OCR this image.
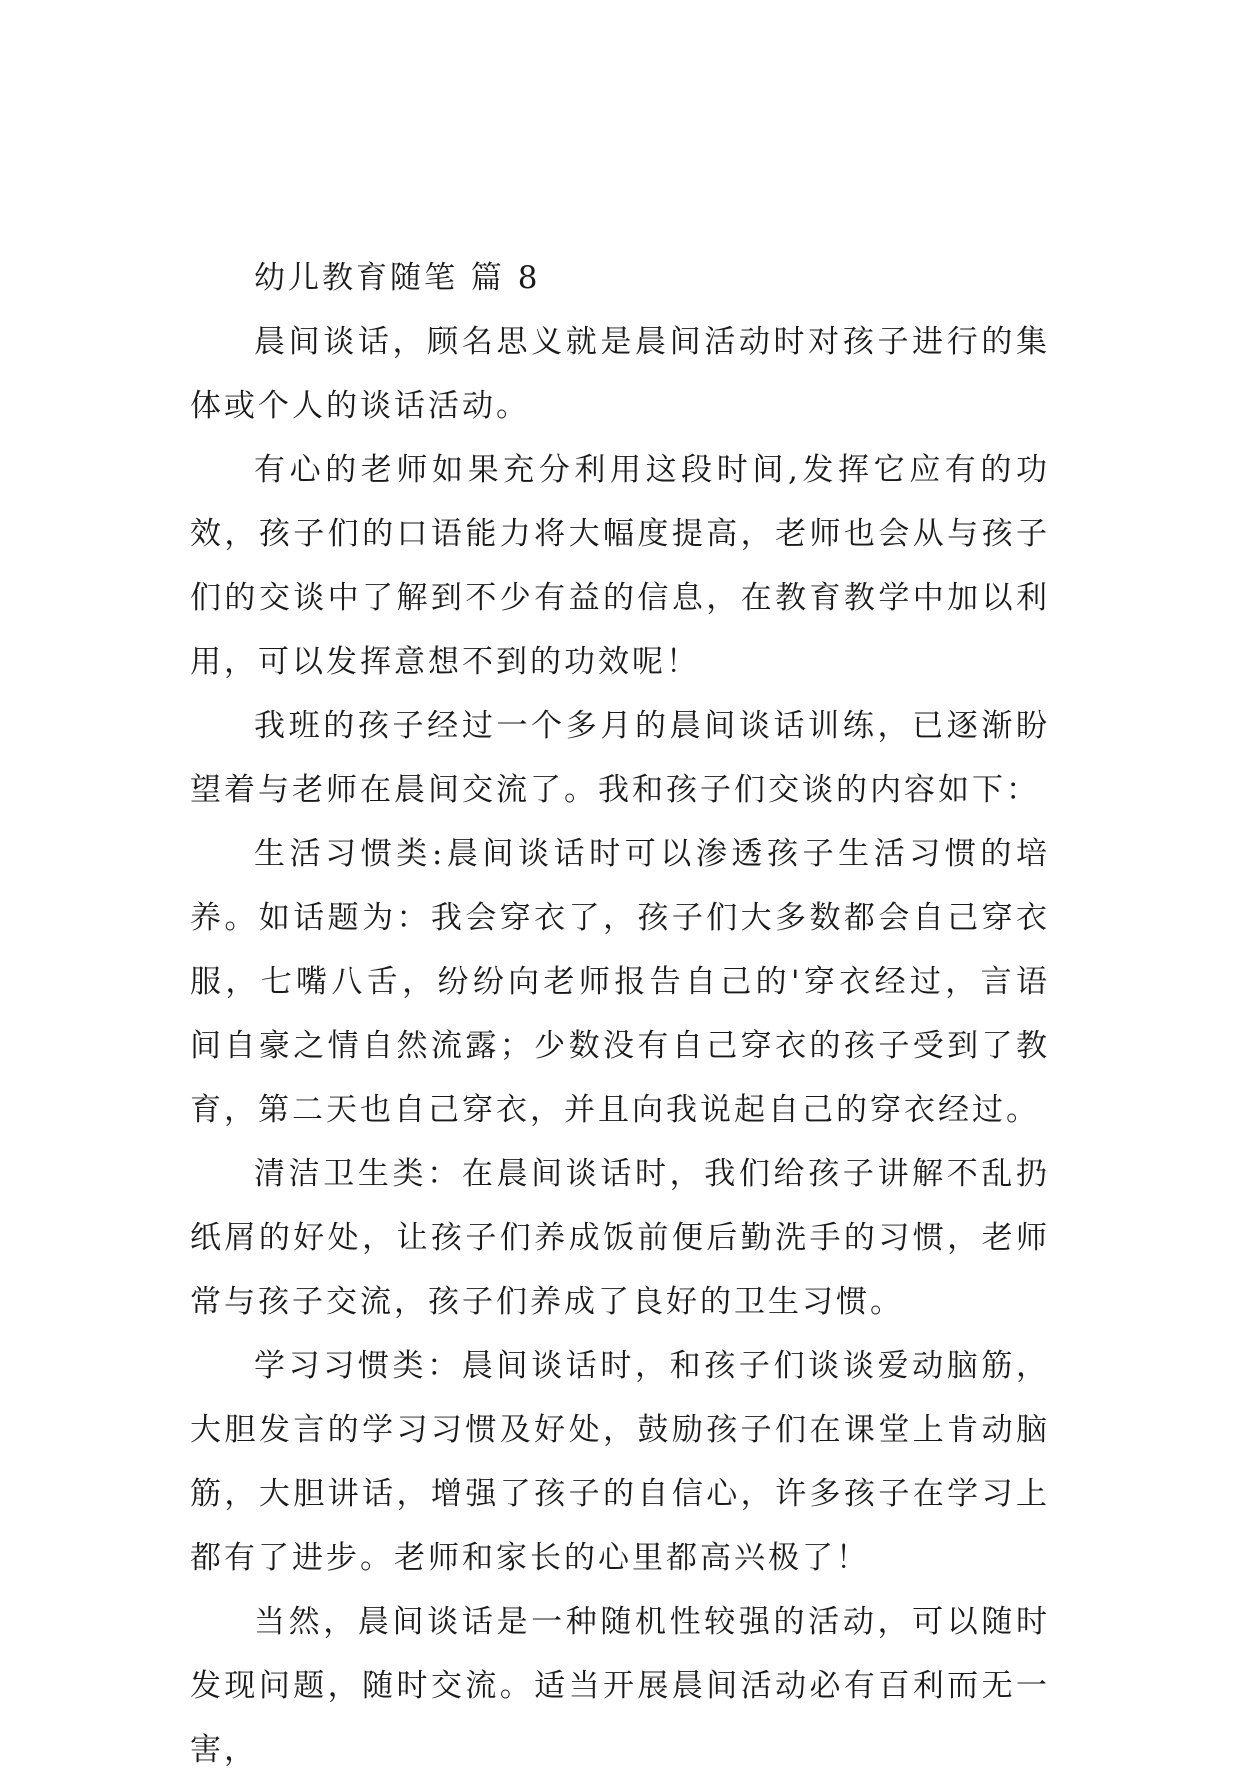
幼儿教育随笔 篇 8

晨间谈话，顾名思义就是晨间活动时对孩子进行的集体或个人的谈话活动。

有心的老师如果充分利用这段时间,发挥它应有的功效，孩子们的口语能力将大幅度提高，老师也会从与孩子们的交谈中了解到不少有益的信息，在教育教学中加以利用，可以发挥意想不到的功效呢！

我班的孩子经过一个多月的晨间谈话训练，已逐渐盼望着与老师在晨间交流了。我和孩子们交谈的内容如下：

生活习惯类:晨间谈话时可以渗透孩子生活习惯的培养。如话题为：我会穿衣了，孩子们大多数都会自己穿衣服，七嘴八舌，纷纷向老师报告自己的'穿衣经过，言语间自豪之情自然流露；少数没有自己穿衣的孩子受到了教育，第二天也自己穿衣，并且向我说起自己的穿衣经过。

清洁卫生类：在晨间谈话时，我们给孩子讲解不乱扔纸屑的好处，让孩子们养成饭前便后勤洗手的习惯，老师常与孩子交流，孩子们养成了良好的卫生习惯。

学习习惯类：晨间谈话时，和孩子们谈谈爱动脑筋，大胆发言的学习习惯及好处，鼓励孩子们在课堂上肯动脑筋，大胆讲话，增强了孩子的自信心，许多孩子在学习上都有了进步。老师和家长的心里都高兴极了！

当然，晨间谈话是一种随机性较强的活动，可以随时发现问题，随时交流。适当开展晨间活动必有百利而无一害，
